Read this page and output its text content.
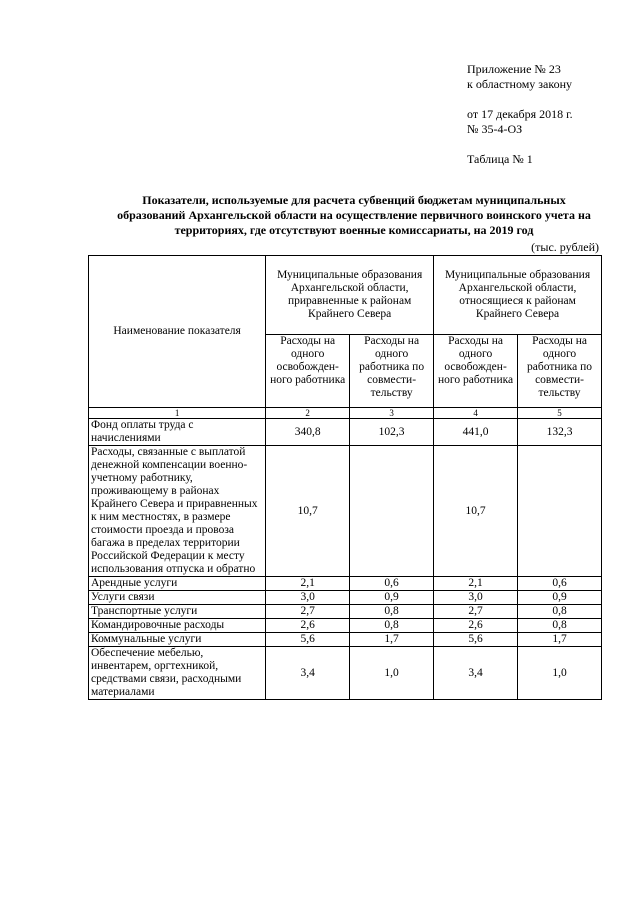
Приложение № 23
к областному закону
от 17 декабря 2018 г.
№ 35-4-ОЗ
Таблица № 1
Показатели, используемые для расчета субвенций бюджетам муниципальных
образований Архангельской области на осуществление первичного воинского учета на
территориях, где отсутствуют военные комиссариаты, на 2019 год
(тыс. рублей)
Наименование показателя	Муниципальные образования Архангельской области, приравненные к районам Крайнего Севера		Муниципальные образования Архангельской области, относящиеся к районам Крайнего Севера	
	Расходы на одного освобожден-ного работника	Расходы на одного работника по совмести-тельству	Расходы на одного освобожден-ного работника	Расходы на одного работника по совмести-тельству
1	2	3	4	5
Фонд оплаты труда с начислениями	340,8	102,3	441,0	132,3
Расходы, связанные с выплатой денежной компенсации военно-учетному работнику, проживающему в районах Крайнего Севера и приравненных к ним местностях, в размере стоимости проезда и провоза багажа в пределах территории Российской Федерации к месту использования отпуска и обратно	10,7		10,7	
Арендные услуги	2,1	0,6	2,1	0,6
Услуги связи	3,0	0,9	3,0	0,9
Транспортные услуги	2,7	0,8	2,7	0,8
Командировочные расходы	2,6	0,8	2,6	0,8
Коммунальные услуги	5,6	1,7	5,6	1,7
Обеспечение мебелью, инвентарем, оргтехникой, средствами связи, расходными материалами	3,4	1,0	3,4	1,0
